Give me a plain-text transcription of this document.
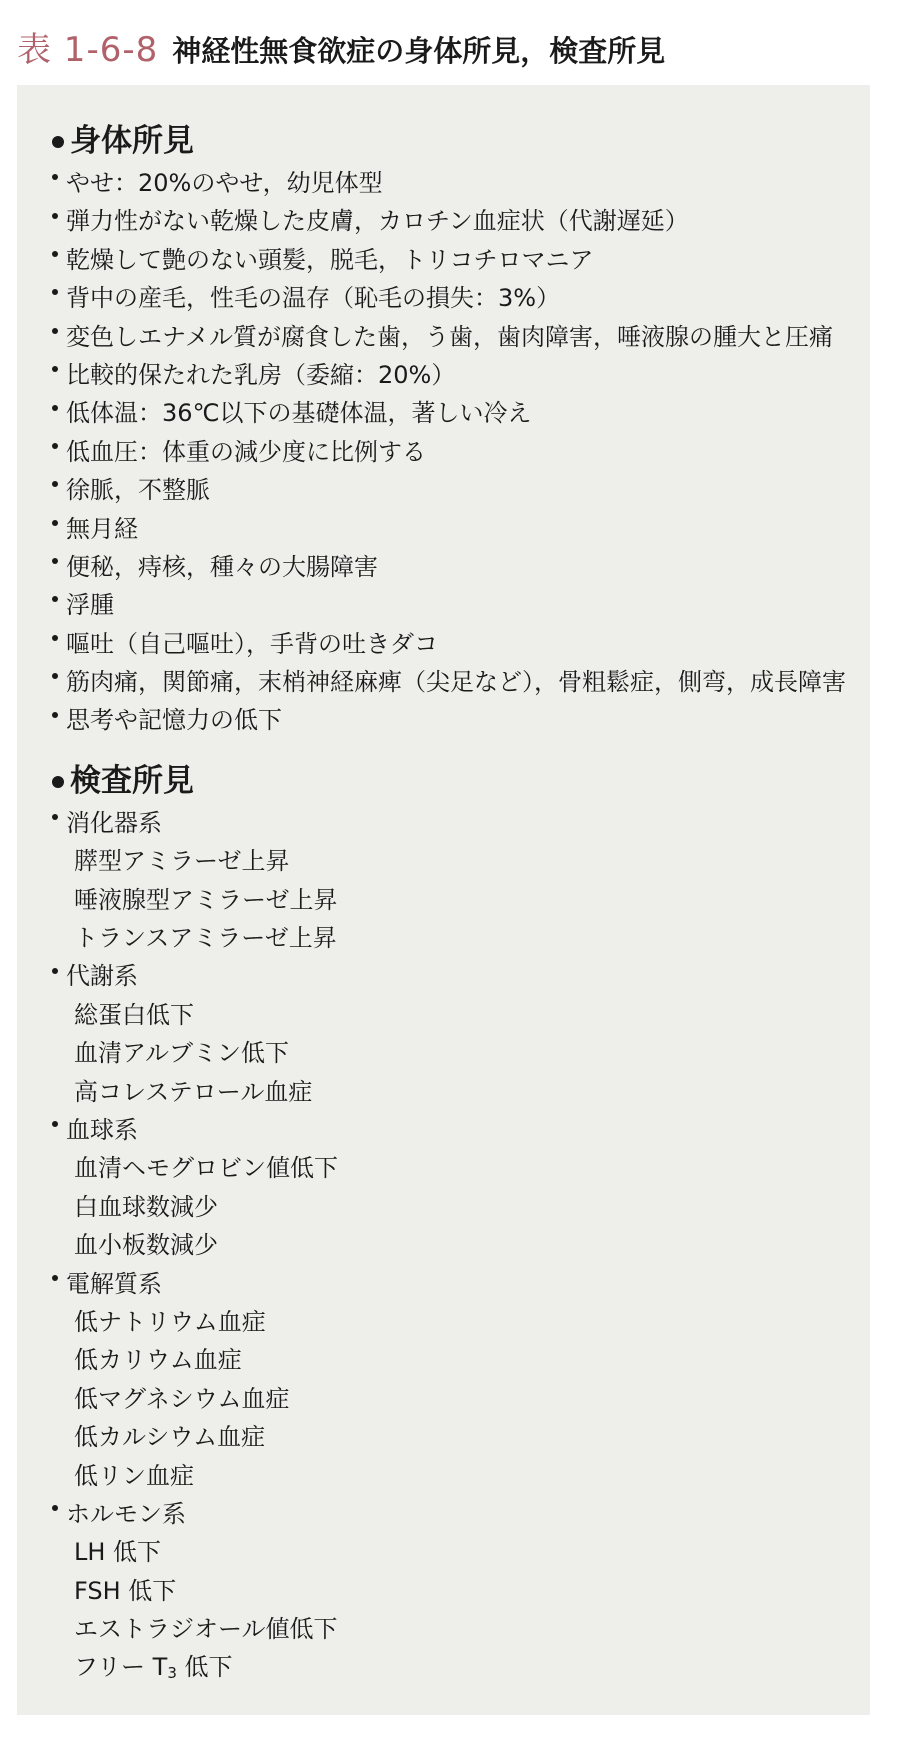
表 1-6-8 神経性無食欲症の身体所見，検査所見
身体所見
やせ：20%のやせ，幼児体型
弾力性がない乾燥した皮膚，カロチン血症状（代謝遅延）
乾燥して艶のない頭髪，脱毛，トリコチロマニア
背中の産毛，性毛の温存（恥毛の損失：3%）
変色しエナメル質が腐食した歯，う歯，歯肉障害，唾液腺の腫大と圧痛
比較的保たれた乳房（委縮：20%）
低体温：36℃以下の基礎体温，著しい冷え
低血圧：体重の減少度に比例する
徐脈，不整脈
無月経
便秘，痔核，種々の大腸障害
浮腫
嘔吐（自己嘔吐），手背の吐きダコ
筋肉痛，関節痛，末梢神経麻痺（尖足など），骨粗鬆症，側弯，成長障害
思考や記憶力の低下
検査所見
消化器系
膵型アミラーゼ上昇
唾液腺型アミラーゼ上昇
トランスアミラーゼ上昇
代謝系
総蛋白低下
血清アルブミン低下
高コレステロール血症
血球系
血清ヘモグロビン値低下
白血球数減少
血小板数減少
電解質系
低ナトリウム血症
低カリウム血症
低マグネシウム血症
低カルシウム血症
低リン血症
ホルモン系
LH 低下
FSH 低下
エストラジオール値低下
フリー $T_3$ 低下
